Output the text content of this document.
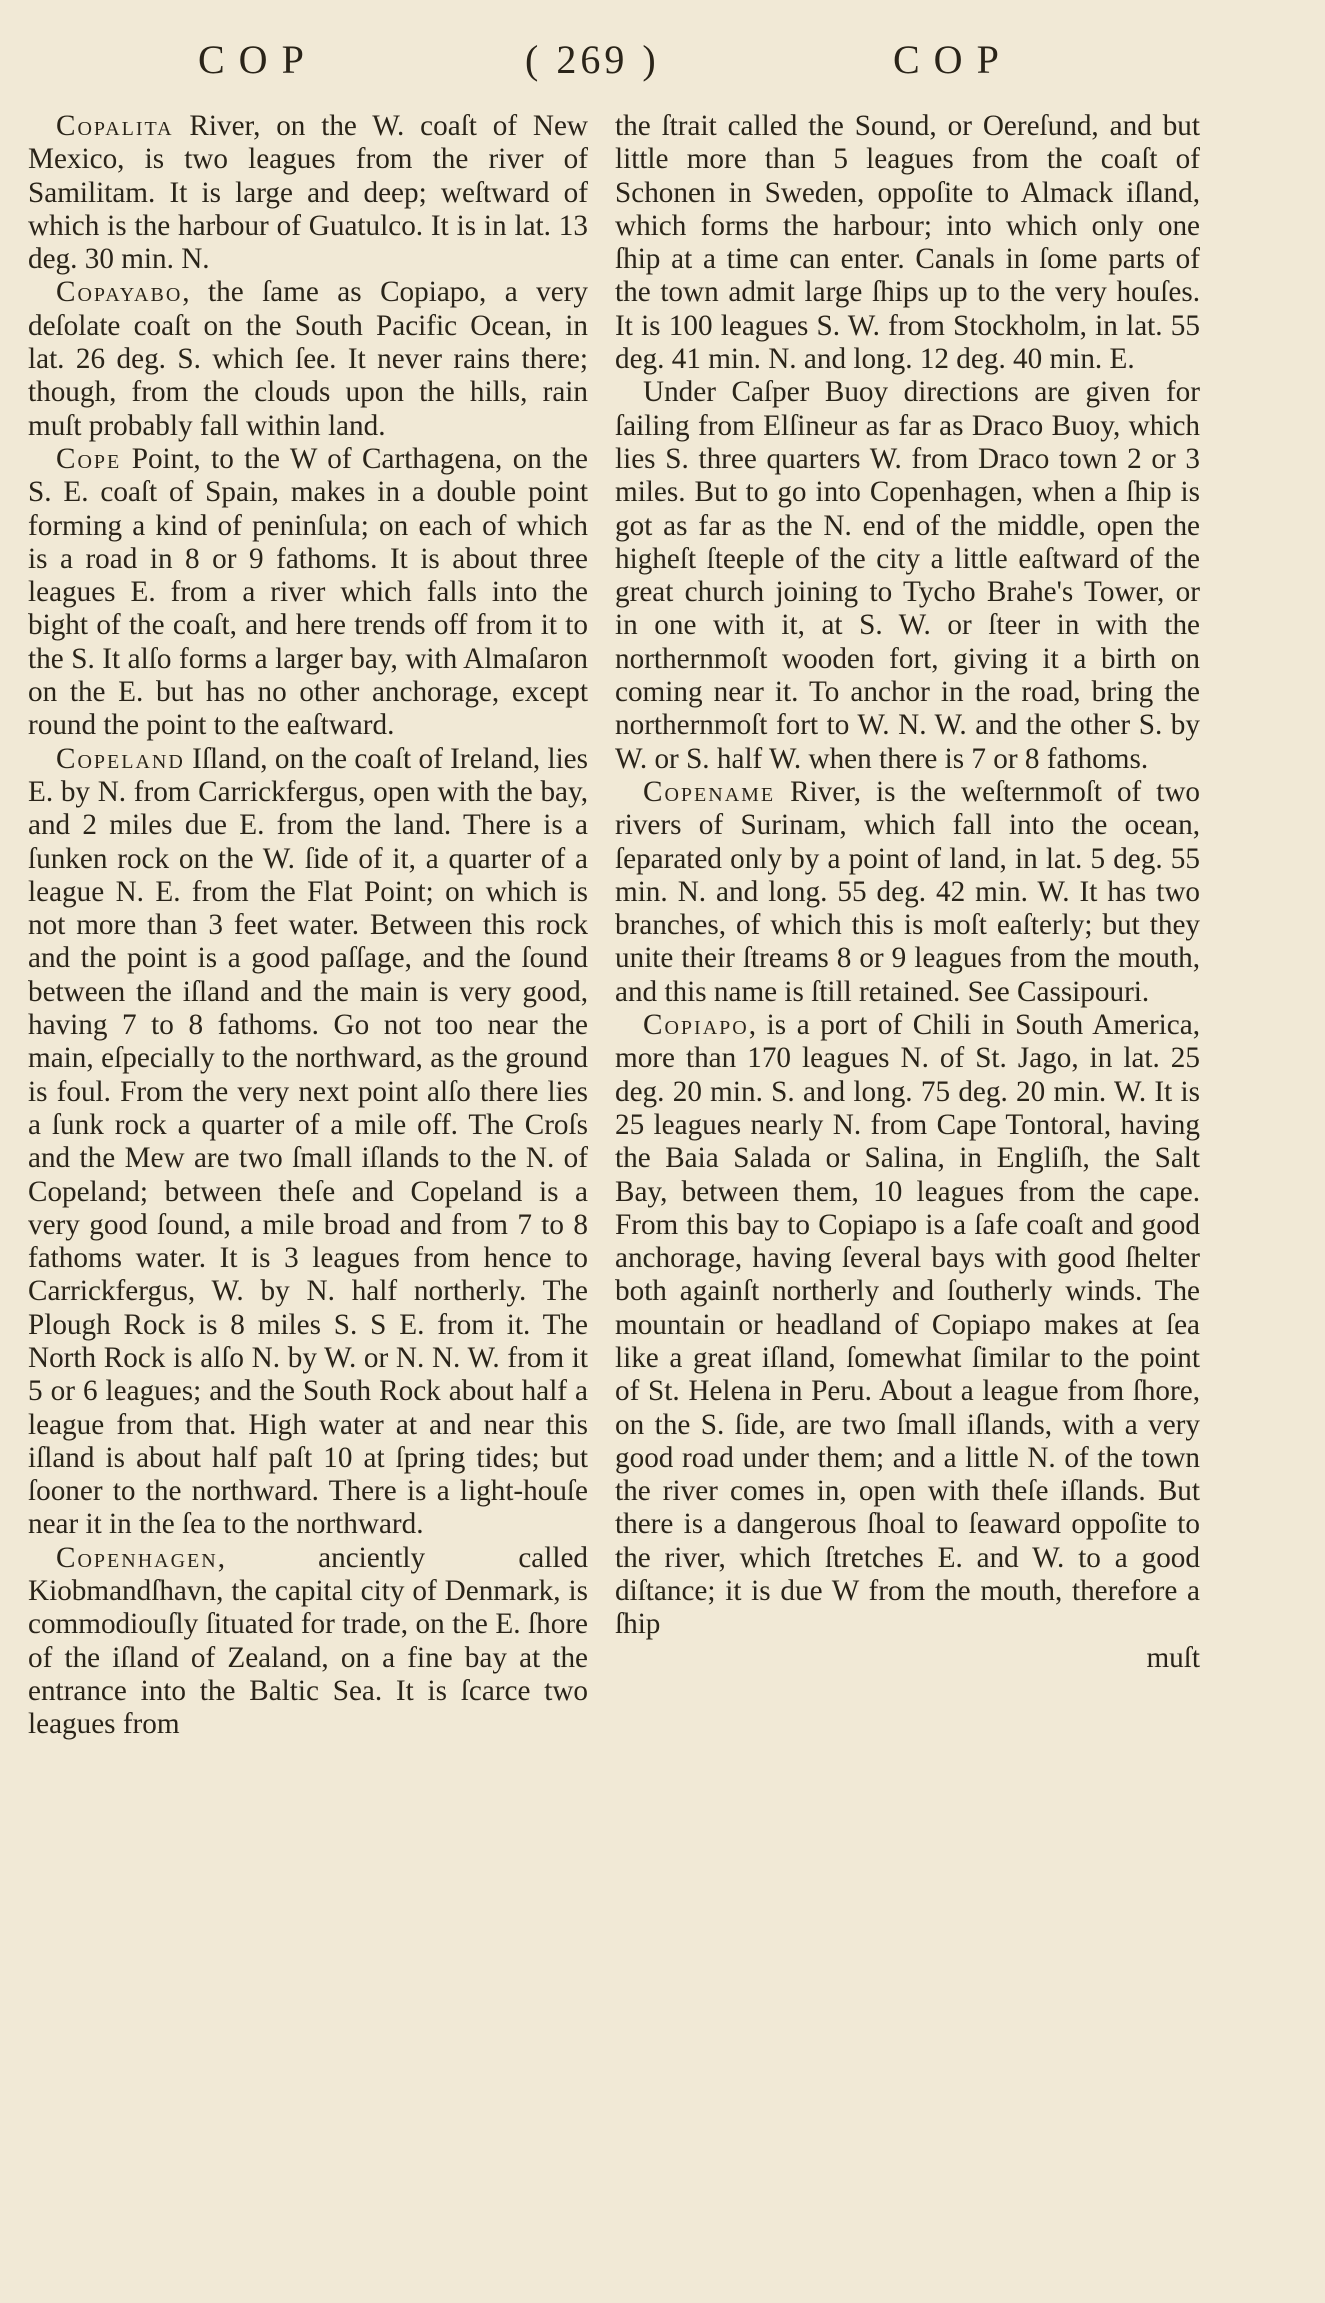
COP	( 269 )	COP

Copalita River, on the W. coaſt of New Mexico, is two leagues from the river of Samilitam. It is large and deep; weſtward of which is the harbour of Guatulco. It is in lat. 13 deg. 30 min. N.

Copayabo, the ſame as Copiapo, a very deſolate coaſt on the South Pacific Ocean, in lat. 26 deg. S. which ſee. It never rains there; though, from the clouds upon the hills, rain muſt probably fall within land.

Cope Point, to the W of Carthagena, on the S. E. coaſt of Spain, makes in a double point forming a kind of peninſula; on each of which is a road in 8 or 9 fathoms. It is about three leagues E. from a river which falls into the bight of the coaſt, and here trends off from it to the S. It alſo forms a larger bay, with Almaſaron on the E. but has no other anchorage, except round the point to the eaſtward.

Copeland Iſland, on the coaſt of Ireland, lies E. by N. from Carrickfergus, open with the bay, and 2 miles due E. from the land. There is a ſunken rock on the W. ſide of it, a quarter of a league N. E. from the Flat Point; on which is not more than 3 feet water. Between this rock and the point is a good paſſage, and the ſound between the iſland and the main is very good, having 7 to 8 fathoms. Go not too near the main, eſpecially to the northward, as the ground is foul. From the very next point alſo there lies a ſunk rock a quarter of a mile off. The Croſs and the Mew are two ſmall iſlands to the N. of Copeland; between theſe and Copeland is a very good ſound, a mile broad and from 7 to 8 fathoms water. It is 3 leagues from hence to Carrickfergus, W. by N. half northerly. The Plough Rock is 8 miles S. S E. from it. The North Rock is alſo N. by W. or N. N. W. from it 5 or 6 leagues; and the South Rock about half a league from that. High water at and near this iſland is about half paſt 10 at ſpring tides; but ſooner to the northward. There is a light-houſe near it in the ſea to the northward.

Copenhagen, anciently called Kiobmandſhavn, the capital city of Denmark, is commodiouſly ſituated for trade, on the E. ſhore of the iſland of Zealand, on a fine bay at the entrance into the Baltic Sea. It is ſcarce two leagues from

the ſtrait called the Sound, or Oereſund, and but little more than 5 leagues from the coaſt of Schonen in Sweden, oppoſite to Almack iſland, which forms the harbour; into which only one ſhip at a time can enter. Canals in ſome parts of the town admit large ſhips up to the very houſes. It is 100 leagues S. W. from Stockholm, in lat. 55 deg. 41 min. N. and long. 12 deg. 40 min. E.

Under Caſper Buoy directions are given for ſailing from Elſineur as far as Draco Buoy, which lies S. three quarters W. from Draco town 2 or 3 miles. But to go into Copenhagen, when a ſhip is got as far as the N. end of the middle, open the higheſt ſteeple of the city a little eaſtward of the great church joining to Tycho Brahe's Tower, or in one with it, at S. W. or ſteer in with the northernmoſt wooden fort, giving it a birth on coming near it. To anchor in the road, bring the northernmoſt fort to W. N. W. and the other S. by W. or S. half W. when there is 7 or 8 fathoms.

Copename River, is the weſternmoſt of two rivers of Surinam, which fall into the ocean, ſeparated only by a point of land, in lat. 5 deg. 55 min. N. and long. 55 deg. 42 min. W. It has two branches, of which this is moſt eaſterly; but they unite their ſtreams 8 or 9 leagues from the mouth, and this name is ſtill retained. See Cassipouri.

Copiapo, is a port of Chili in South America, more than 170 leagues N. of St. Jago, in lat. 25 deg. 20 min. S. and long. 75 deg. 20 min. W. It is 25 leagues nearly N. from Cape Tontoral, having the Baia Salada or Salina, in Engliſh, the Salt Bay, between them, 10 leagues from the cape. From this bay to Copiapo is a ſafe coaſt and good anchorage, having ſeveral bays with good ſhelter both againſt northerly and ſoutherly winds. The mountain or headland of Copiapo makes at ſea like a great iſland, ſomewhat ſimilar to the point of St. Helena in Peru. About a league from ſhore, on the S. ſide, are two ſmall iſlands, with a very good road under them; and a little N. of the town the river comes in, open with theſe iſlands. But there is a dangerous ſhoal to ſeaward oppoſite to the river, which ſtretches E. and W. to a good diſtance; it is due W from the mouth, therefore a ſhip

muſt
